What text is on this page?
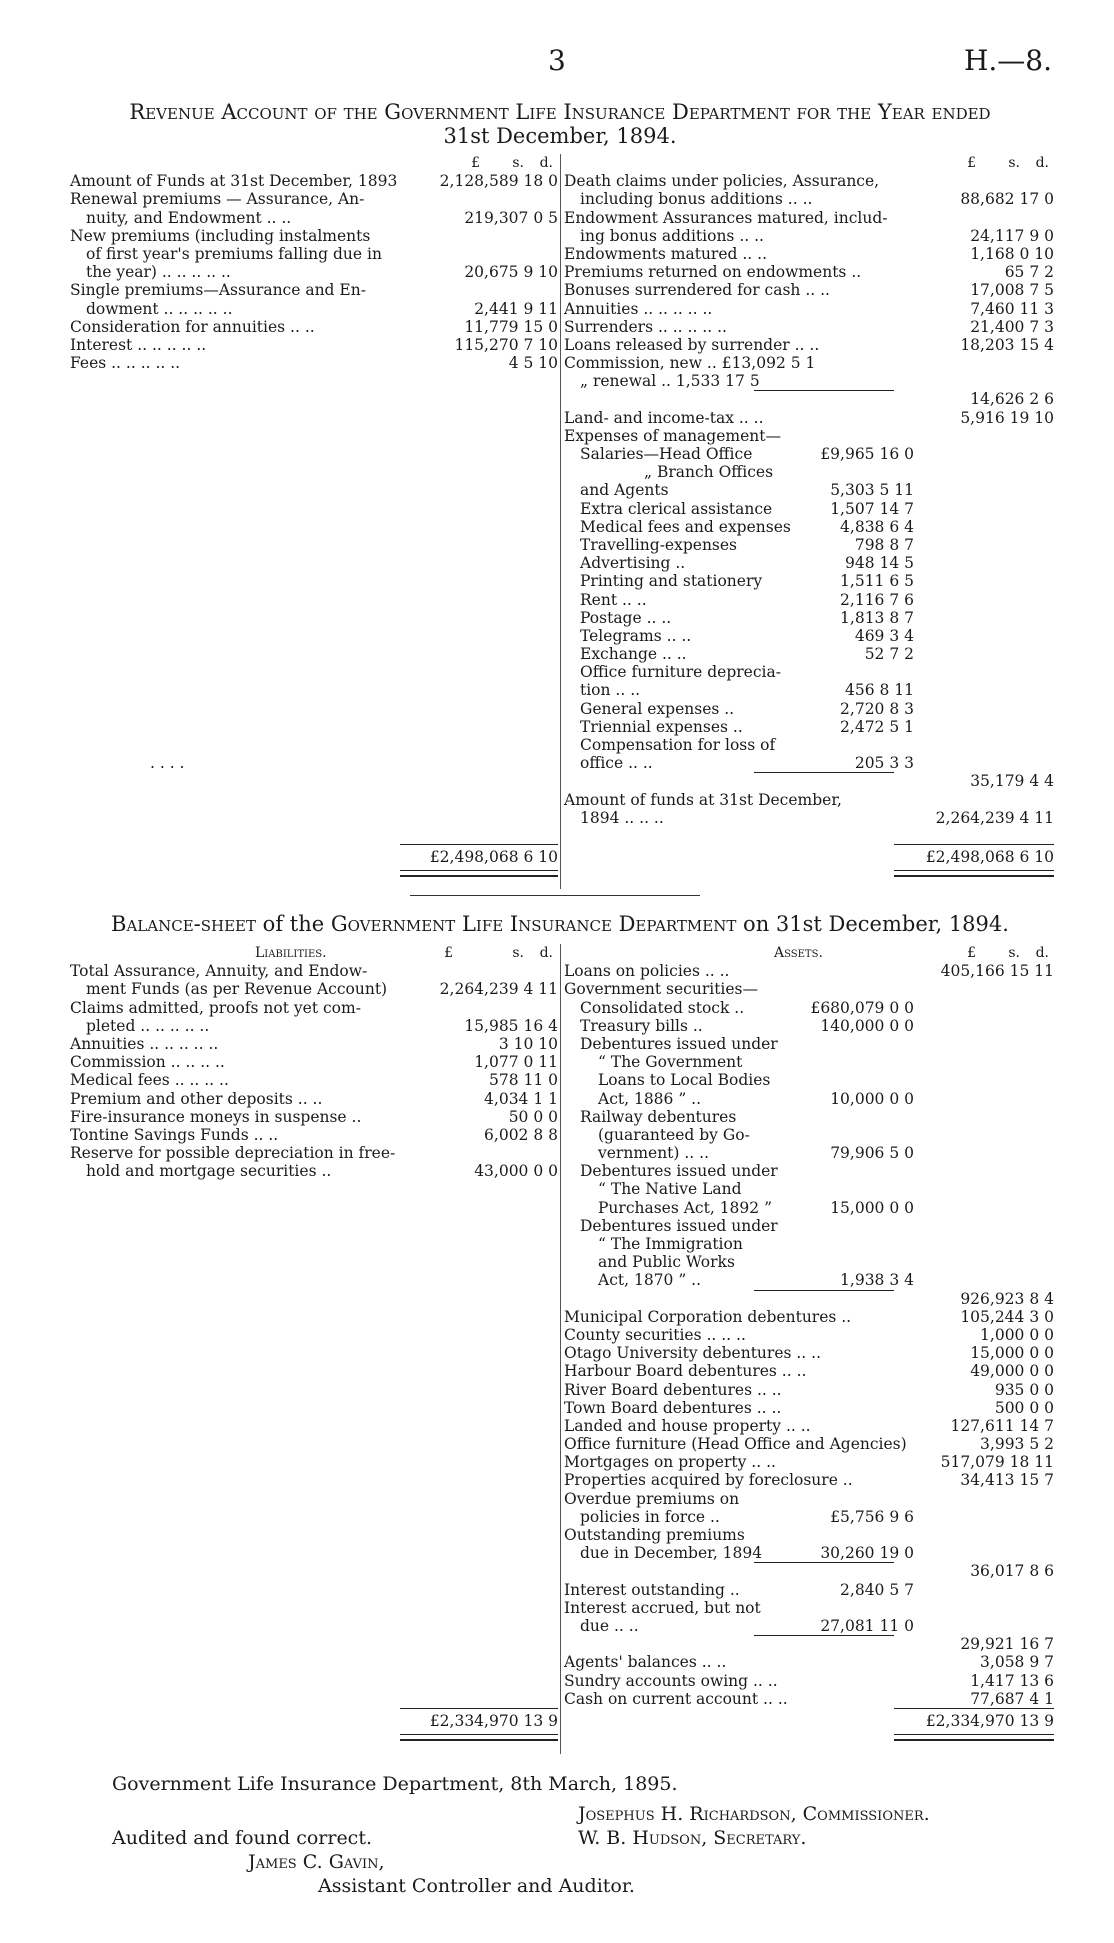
3	H.—8.
Revenue Account of the Government Life Insurance Department for the Year ended
31st December, 1894.
£	s.	d.
Amount of Funds at 31st December, 1893	2,128,589 18 0
Renewal premiums — Assurance, An-
nuity, and Endowment .. ..	219,307 0 5
New premiums (including instalments
of first year's premiums falling due in
the year) .. .. .. .. ..	20,675 9 10
Single premiums—Assurance and En-
dowment .. .. .. .. ..	2,441 9 11
Consideration for annuities .. ..	11,779 15 0
Interest .. .. .. .. ..	115,270 7 10
Fees .. .. .. .. ..	4 5 10
. . . .
£2,498,068 6 10
£ s. d.
Death claims under policies, Assurance,
including bonus additions .. ..	88,682 17 0
Endowment Assurances matured, includ-
ing bonus additions .. ..	24,117 9 0
Endowments matured .. ..	1,168 0 10
Premiums returned on endowments ..	65 7 2
Bonuses surrendered for cash .. ..	17,008 7 5
Annuities .. .. .. .. ..	7,460 11 3
Surrenders .. .. .. .. ..	21,400 7 3
Loans released by surrender .. ..	18,203 15 4
Commission, new .. £13,092 5 1
„ renewal .. 1,533 17 5
14,626 2 6
Land- and income-tax .. ..	5,916 19 10
Expenses of management—
Salaries—Head Office	£9,965 16 0
„ Branch Offices
and Agents	5,303 5 11
Extra clerical assistance	1,507 14 7
Medical fees and expenses	4,838 6 4
Travelling-expenses	798 8 7
Advertising ..	948 14 5
Printing and stationery	1,511 6 5
Rent .. ..	2,116 7 6
Postage .. ..	1,813 8 7
Telegrams .. ..	469 3 4
Exchange .. ..	52 7 2
Office furniture deprecia-
tion .. ..	456 8 11
General expenses ..	2,720 8 3
Triennial expenses ..	2,472 5 1
Compensation for loss of
office .. ..	205 3 3
35,179 4 4
Amount of funds at 31st December,
1894 .. .. ..	2,264,239 4 11
£2,498,068 6 10
Balance-sheet of the Government Life Insurance Department on 31st December, 1894.
Liabilities.	£	s. d.
Total Assurance, Annuity, and Endow-
ment Funds (as per Revenue Account)	2,264,239 4 11
Claims admitted, proofs not yet com-
pleted .. .. .. .. ..	15,985 16 4
Annuities .. .. .. .. ..	3 10 10
Commission .. .. .. ..	1,077 0 11
Medical fees .. .. .. ..	578 11 0
Premium and other deposits .. ..	4,034 1 1
Fire-insurance moneys in suspense ..	50 0 0
Tontine Savings Funds .. ..	6,002 8 8
Reserve for possible depreciation in free-
hold and mortgage securities ..	43,000 0 0
£2,334,970 13 9
Assets.	£ s. d.
Loans on policies .. ..	405,166 15 11
Government securities—
Consolidated stock ..	£680,079 0 0
Treasury bills ..	140,000 0 0
Debentures issued under
“ The Government
Loans to Local Bodies
Act, 1886 ” ..	10,000 0 0
Railway debentures
(guaranteed by Go-
vernment) .. ..	79,906 5 0
Debentures issued under
“ The Native Land
Purchases Act, 1892 ”	15,000 0 0
Debentures issued under
“ The Immigration
and Public Works
Act, 1870 ” ..	1,938 3 4
926,923 8 4
Municipal Corporation debentures ..	105,244 3 0
County securities .. .. ..	1,000 0 0
Otago University debentures .. ..	15,000 0 0
Harbour Board debentures .. ..	49,000 0 0
River Board debentures .. ..	935 0 0
Town Board debentures .. ..	500 0 0
Landed and house property .. ..	127,611 14 7
Office furniture (Head Office and Agencies)	3,993 5 2
Mortgages on property .. ..	517,079 18 11
Properties acquired by foreclosure ..	34,413 15 7
Overdue premiums on
policies in force ..	£5,756 9 6
Outstanding premiums
due in December, 1894	30,260 19 0
36,017 8 6
Interest outstanding ..	2,840 5 7
Interest accrued, but not
due .. ..	27,081 11 0
29,921 16 7
Agents' balances .. ..	3,058 9 7
Sundry accounts owing .. ..	1,417 13 6
Cash on current account .. ..	77,687 4 1
£2,334,970 13 9
Government Life Insurance Department, 8th March, 1895.
Josephus H. Richardson, Commissioner.
Audited and found correct.	W. B. Hudson, Secretary.
James C. Gavin,
Assistant Controller and Auditor.
